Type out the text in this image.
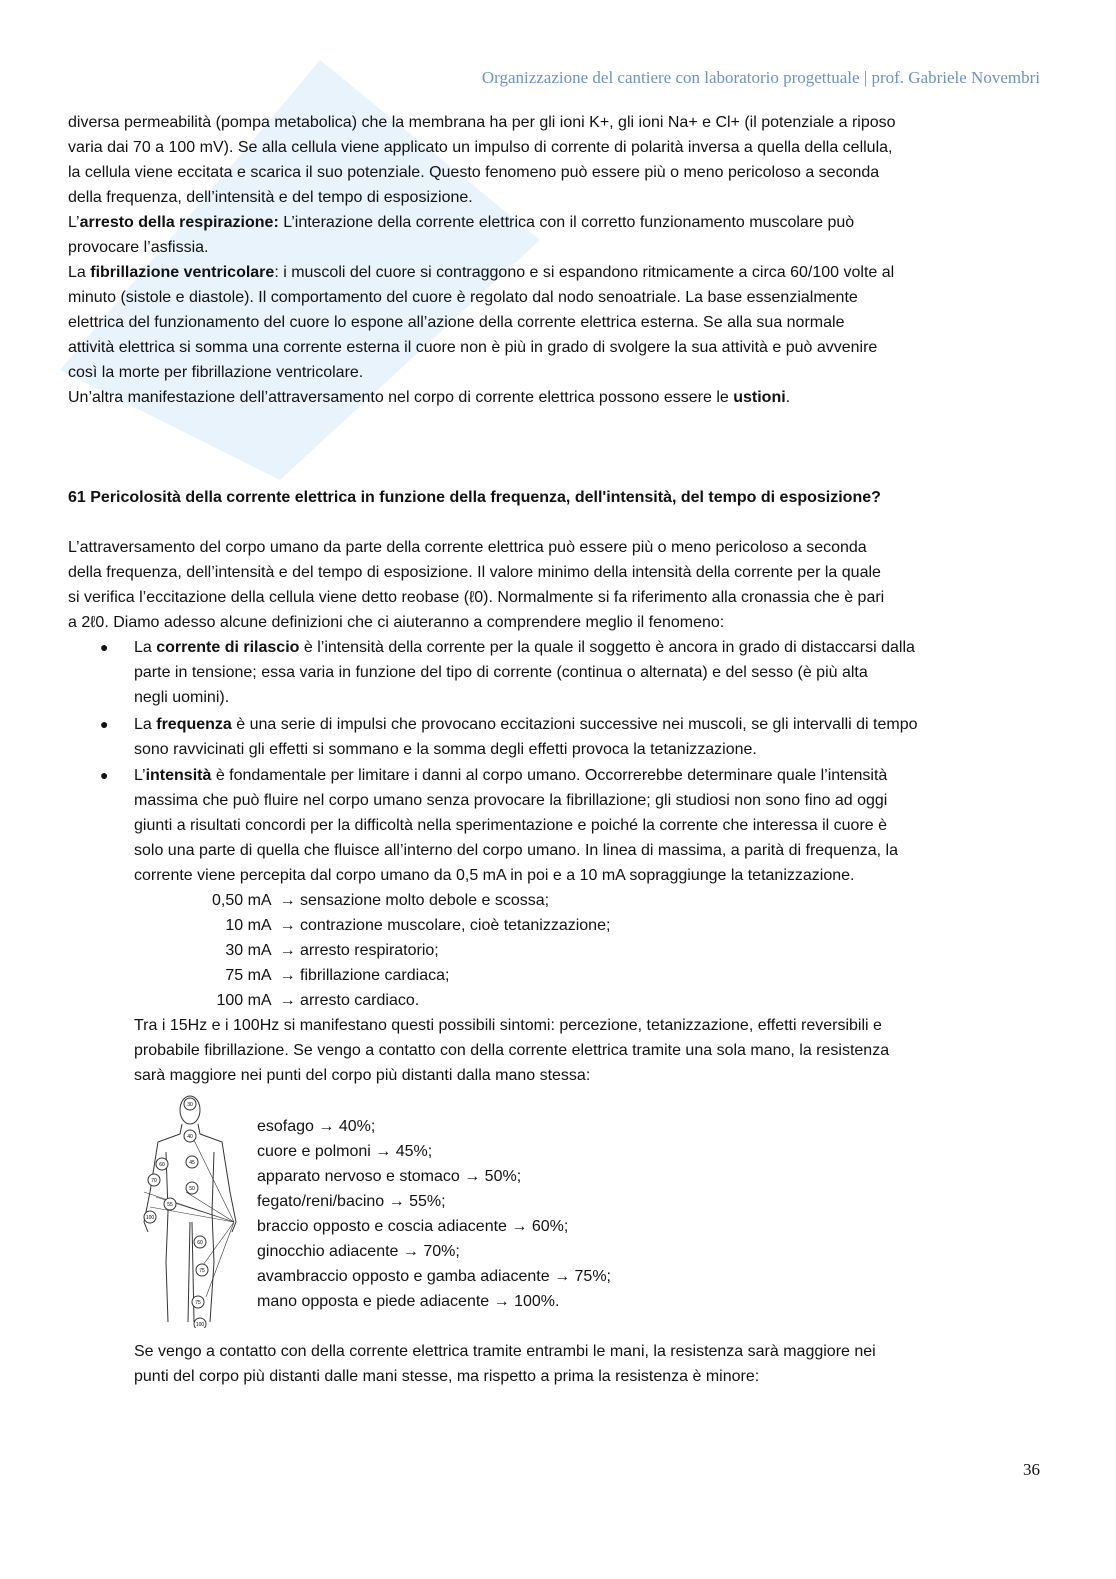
Organizzazione del cantiere con laboratorio progettuale | prof. Gabriele Novembri
diversa permeabilità (pompa metabolica) che la membrana ha per gli ioni K+, gli ioni Na+ e Cl+ (il potenziale a riposo
varia dai 70 a 100 mV). Se alla cellula viene applicato un impulso di corrente di polarità inversa a quella della cellula,
la cellula viene eccitata e scarica il suo potenziale. Questo fenomeno può essere più o meno pericoloso a seconda
della frequenza, dell’intensità e del tempo di esposizione.
L’arresto della respirazione: L’interazione della corrente elettrica con il corretto funzionamento muscolare può
provocare l’asfissia.
La fibrillazione ventricolare: i muscoli del cuore si contraggono e si espandono ritmicamente a circa 60/100 volte al
minuto (sistole e diastole). Il comportamento del cuore è regolato dal nodo senoatriale. La base essenzialmente
elettrica del funzionamento del cuore lo espone all’azione della corrente elettrica esterna. Se alla sua normale
attività elettrica si somma una corrente esterna il cuore non è più in grado di svolgere la sua attività e può avvenire
così la morte per fibrillazione ventricolare.
Un’altra manifestazione dell’attraversamento nel corpo di corrente elettrica possono essere le ustioni.
61 Pericolosità della corrente elettrica in funzione della frequenza, dell'intensità, del tempo di esposizione?
L’attraversamento del corpo umano da parte della corrente elettrica può essere più o meno pericoloso a seconda
della frequenza, dell’intensità e del tempo di esposizione. Il valore minimo della intensità della corrente per la quale
si verifica l’eccitazione della cellula viene detto reobase (ℓ0). Normalmente si fa riferimento alla cronassia che è pari
a 2ℓ0. Diamo adesso alcune definizioni che ci aiuteranno a comprendere meglio il fenomeno:
La corrente di rilascio è l’intensità della corrente per la quale il soggetto è ancora in grado di distaccarsi dalla
parte in tensione; essa varia in funzione del tipo di corrente (continua o alternata) e del sesso (è più alta
negli uomini).
●
La frequenza è una serie di impulsi che provocano eccitazioni successive nei muscoli, se gli intervalli di tempo
sono ravvicinati gli effetti si sommano e la somma degli effetti provoca la tetanizzazione.
●
L’intensità è fondamentale per limitare i danni al corpo umano. Occorrerebbe determinare quale l’intensità
massima che può fluire nel corpo umano senza provocare la fibrillazione; gli studiosi non sono fino ad oggi
giunti a risultati concordi per la difficoltà nella sperimentazione e poiché la corrente che interessa il cuore è
solo una parte di quella che fluisce all’interno del corpo umano. In linea di massima, a parità di frequenza, la
corrente viene percepita dal corpo umano da 0,5 mA in poi e a 10 mA sopraggiunge la tetanizzazione.
●
0,50 mA  → sensazione molto debole e scossa;
10 mA  → contrazione muscolare, cioè tetanizzazione;
30 mA  → arresto respiratorio;
75 mA  → fibrillazione cardiaca;
100 mA  → arresto cardiaco.
Tra i 15Hz e i 100Hz si manifestano questi possibili sintomi: percezione, tetanizzazione, effetti reversibili e
probabile fibrillazione. Se vengo a contatto con della corrente elettrica tramite una sola mano, la resistenza
sarà maggiore nei punti del corpo più distanti dalla mano stessa:
esofago → 40%;
cuore e polmoni → 45%;
apparato nervoso e stomaco → 50%;
fegato/reni/bacino → 55%;
braccio opposto e coscia adiacente → 60%;
ginocchio adiacente → 70%;
avambraccio opposto e gamba adiacente → 75%;
mano opposta e piede adiacente → 100%.
Se vengo a contatto con della corrente elettrica tramite entrambi le mani, la resistenza sarà maggiore nei
punti del corpo più distanti dalle mani stesse, ma rispetto a prima la resistenza è minore:
30
40
45
50
55
60
60
70
75
75
100
100
36
